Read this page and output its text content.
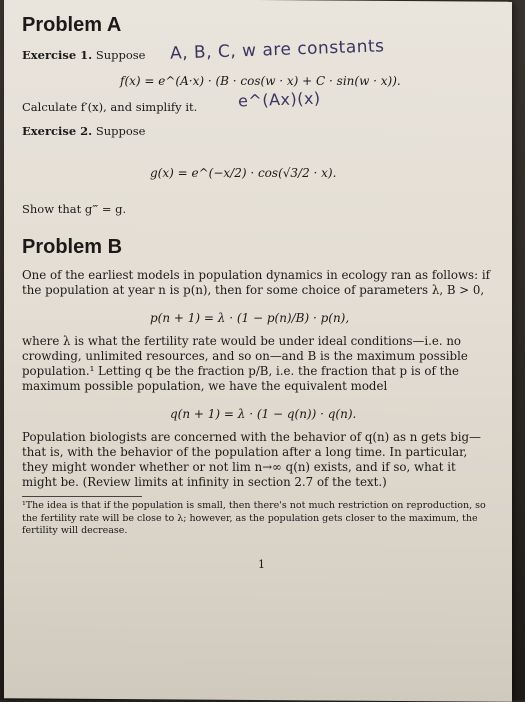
Problem A
Exercise 1. Suppose A, B, C, w are constants
f(x) = e^(A·x) · (B · cos(w · x) + C · sin(w · x)).
Calculate f′(x), and simplify it.	e^(Ax)(x)
Exercise 2. Suppose
g(x) = e^(−x/2) · cos(√3/2 · x).
Show that g‴ = g.
Problem B
One of the earliest models in population dynamics in ecology ran as follows: if the population at year n is p(n), then for some choice of parameters λ, B > 0,
p(n + 1) = λ · (1 − p(n)/B) · p(n),
where λ is what the fertility rate would be under ideal conditions—i.e. no crowding, unlimited resources, and so on—and B is the maximum possible population.¹ Letting q be the fraction p/B, i.e. the fraction that p is of the maximum possible population, we have the equivalent model
q(n + 1) = λ · (1 − q(n)) · q(n).
Population biologists are concerned with the behavior of q(n) as n gets big—that is, with the behavior of the population after a long time. In particular, they might wonder whether or not lim n→∞ q(n) exists, and if so, what it might be. (Review limits at infinity in section 2.7 of the text.)
¹The idea is that if the population is small, then there's not much restriction on reproduction, so the fertility rate will be close to λ; however, as the population gets closer to the maximum, the fertility will decrease.
1
